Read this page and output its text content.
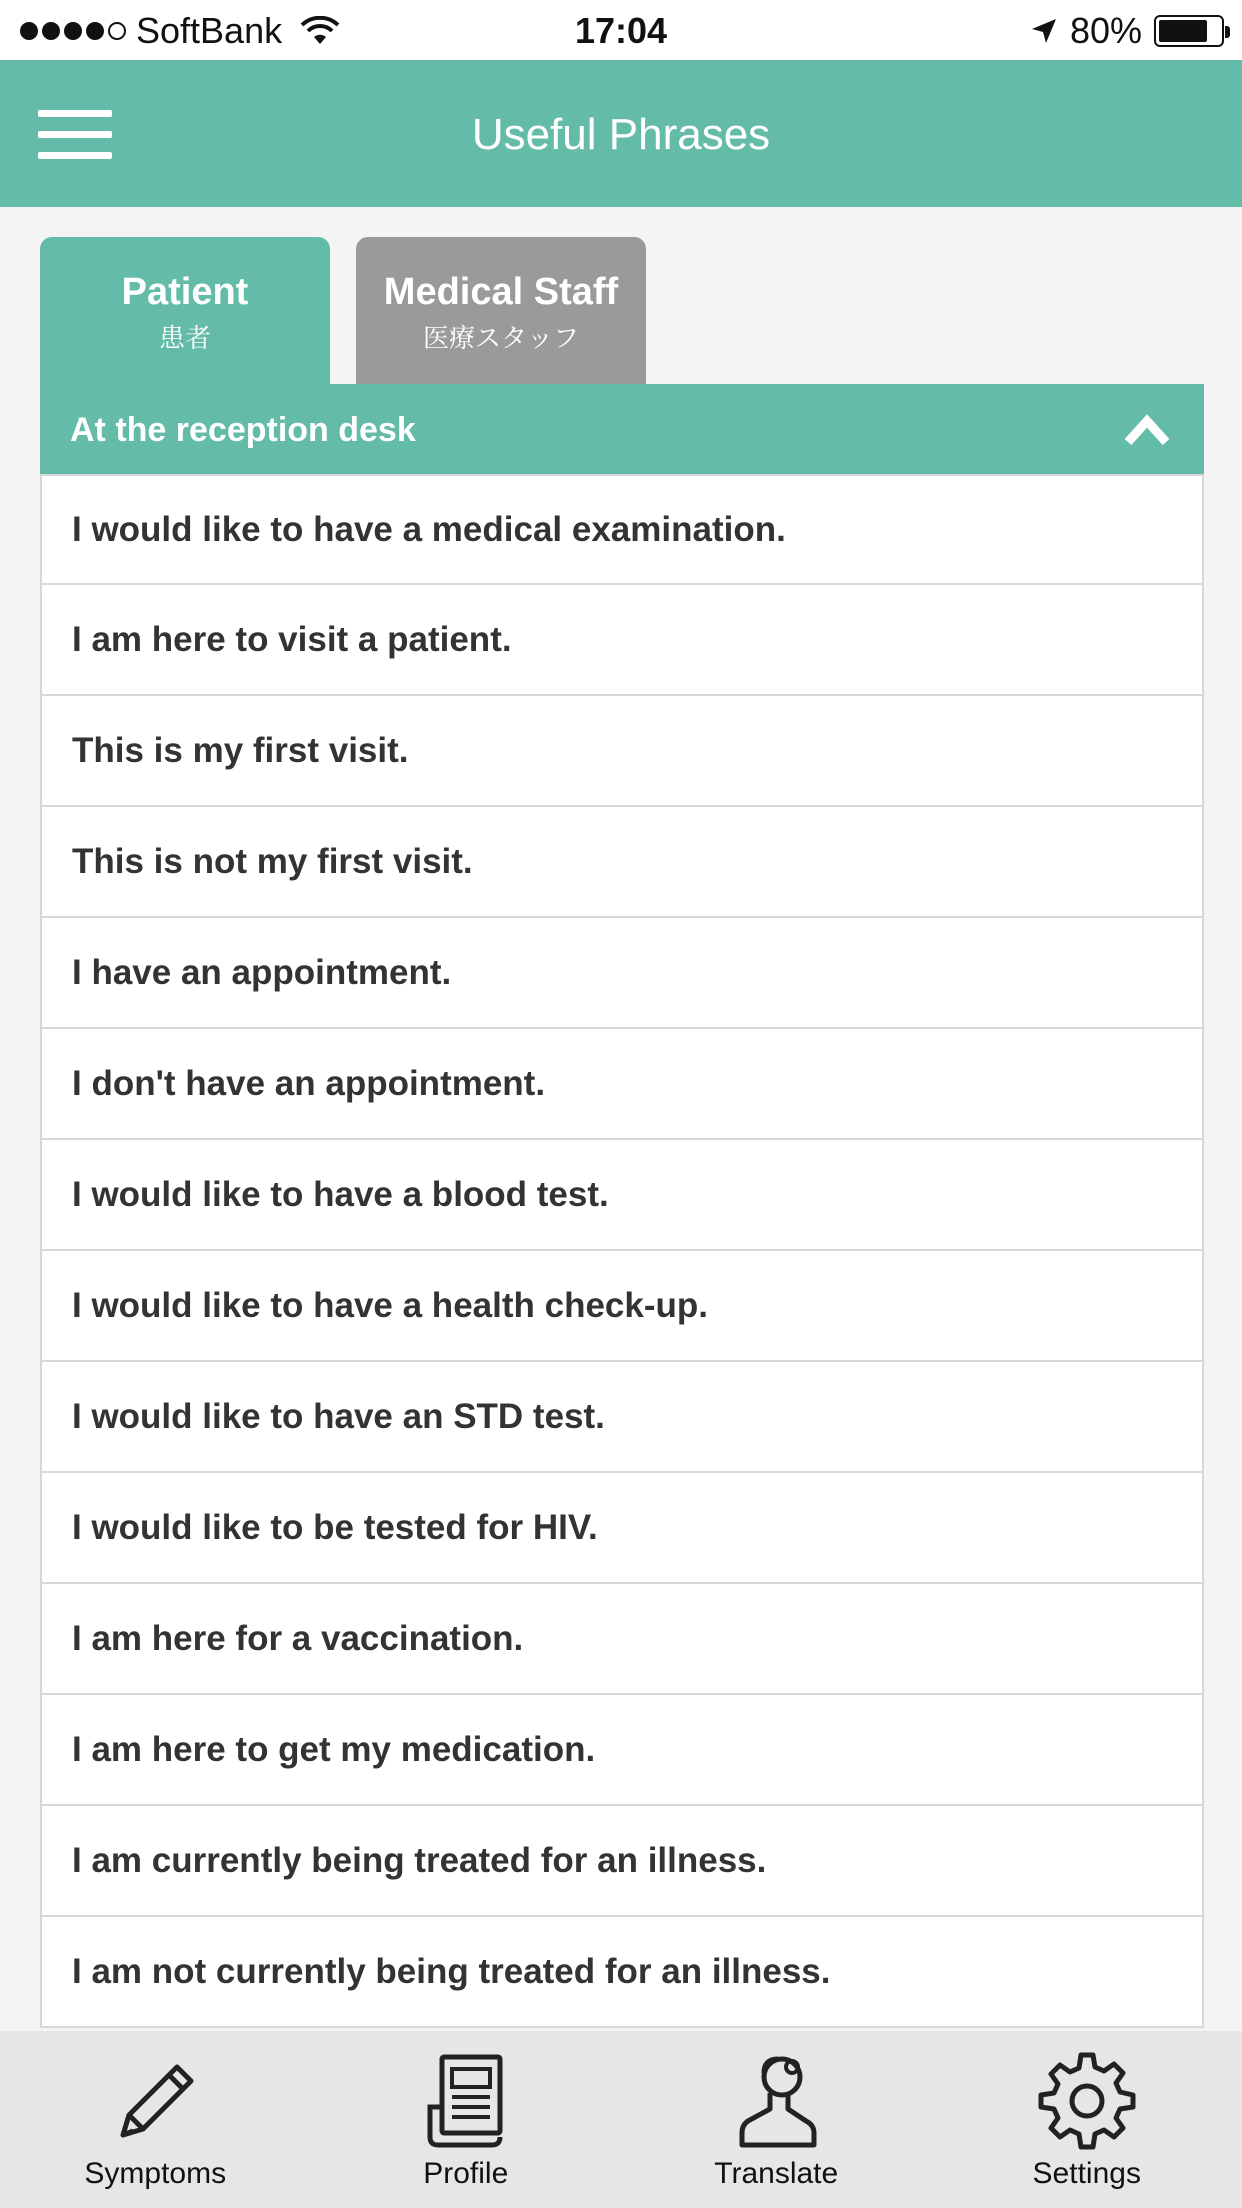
SoftBank	17:04	80%
Useful Phrases
Patient
患者
Medical Staff
医療スタッフ
At the reception desk
I would like to have a medical examination.
I am here to visit a patient.
This is my first visit.
This is not my first visit.
I have an appointment.
I don't have an appointment.
I would like to have a blood test.
I would like to have a health check-up.
I would like to have an STD test.
I would like to be tested for HIV.
I am here for a vaccination.
I am here to get my medication.
I am currently being treated for an illness.
I am not currently being treated for an illness.
Symptoms	Profile	Translate	Settings
